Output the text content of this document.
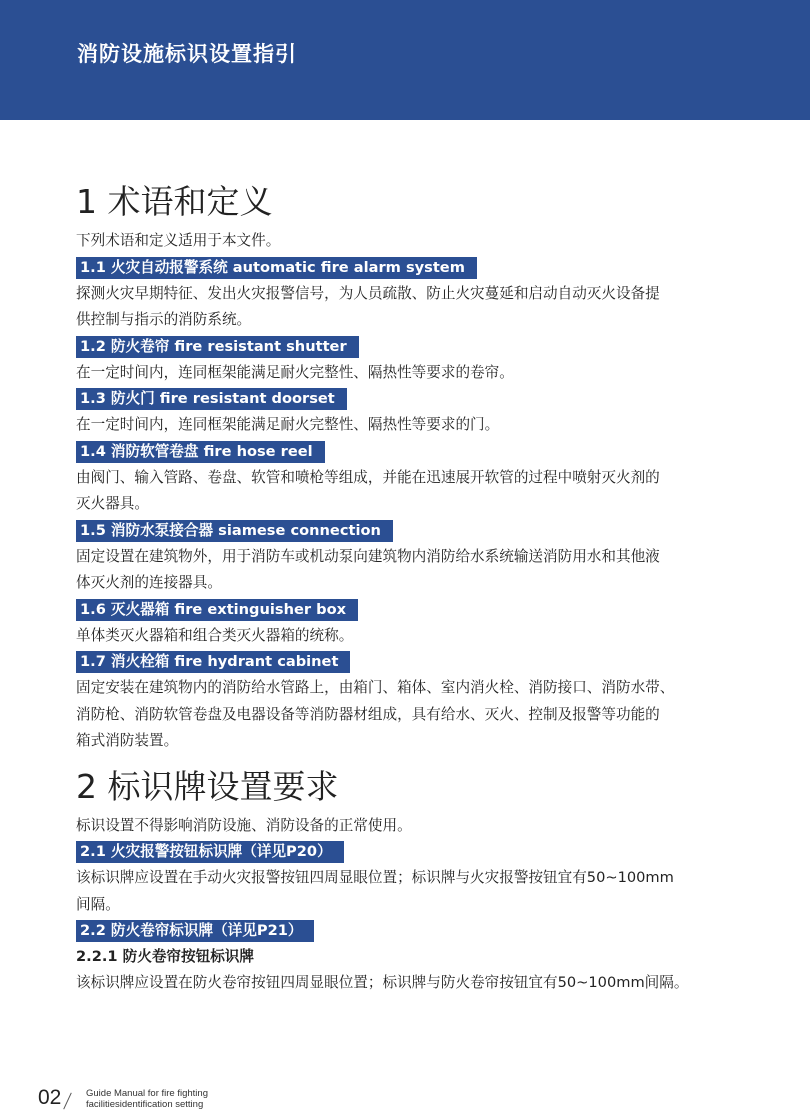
消防设施标识设置指引
1 术语和定义

下列术语和定义适用于本文件。

1.1 火灾自动报警系统 automatic fire alarm system

探测火灾早期特征、发出火灾报警信号，为人员疏散、防止火灾蔓延和启动自动灭火设备提

供控制与指示的消防系统。

1.2 防火卷帘 fire resistant shutter

在一定时间内，连同框架能满足耐火完整性、隔热性等要求的卷帘。

1.3 防火门 fire resistant doorset

在一定时间内，连同框架能满足耐火完整性、隔热性等要求的门。

1.4 消防软管卷盘 fire hose reel

由阀门、输入管路、卷盘、软管和喷枪等组成，并能在迅速展开软管的过程中喷射灭火剂的

灭火器具。

1.5 消防水泵接合器 siamese connection

固定设置在建筑物外，用于消防车或机动泵向建筑物内消防给水系统输送消防用水和其他液

体灭火剂的连接器具。

1.6 灭火器箱 fire extinguisher box

单体类灭火器箱和组合类灭火器箱的统称。

1.7 消火栓箱 fire hydrant cabinet

固定安装在建筑物内的消防给水管路上，由箱门、箱体、室内消火栓、消防接口、消防水带、

消防枪、消防软管卷盘及电器设备等消防器材组成，具有给水、灭火、控制及报警等功能的

箱式消防装置。

2 标识牌设置要求

标识设置不得影响消防设施、消防设备的正常使用。

2.1 火灾报警按钮标识牌（详见P20）

该标识牌应设置在手动火灾报警按钮四周显眼位置；标识牌与火灾报警按钮宜有50~100mm

间隔。

2.2 防火卷帘标识牌（详见P21）

2.2.1 防火卷帘按钮标识牌

该标识牌应设置在防火卷帘按钮四周显眼位置；标识牌与防火卷帘按钮宜有50~100mm间隔。

02	Guide Manual for fire fighting
facilitiesidentification setting
